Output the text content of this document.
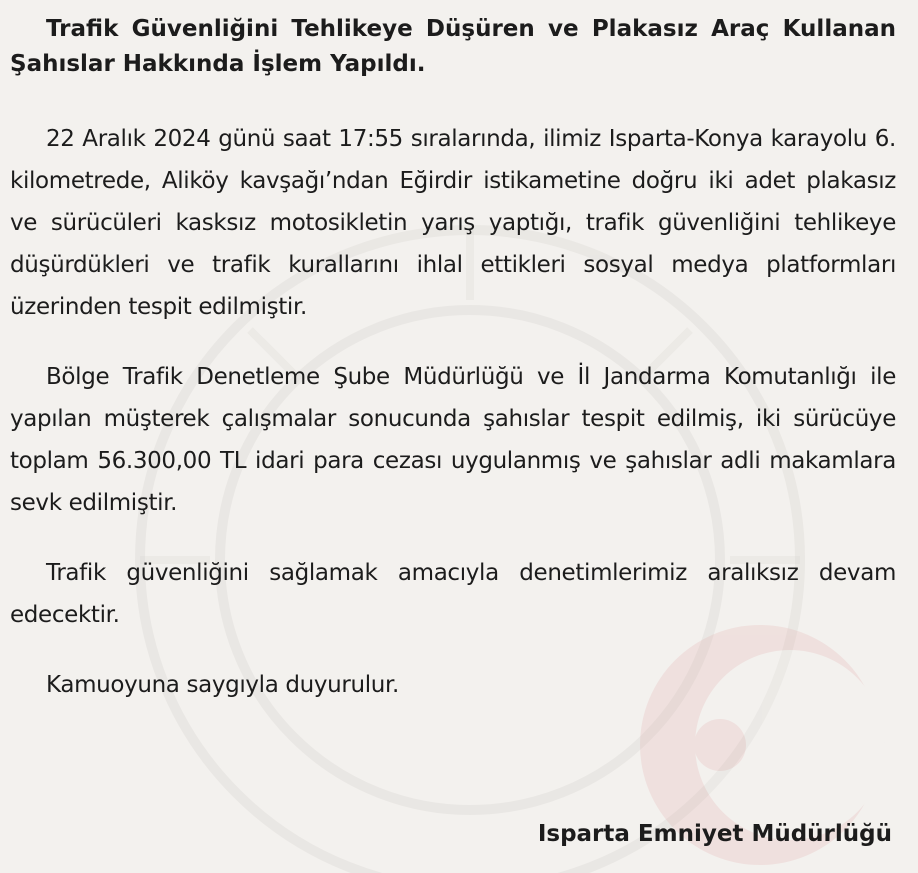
Trafik Güvenliğini Tehlikeye Düşüren ve Plakasız Araç Kullanan Şahıslar Hakkında İşlem Yapıldı.

22 Aralık 2024 günü saat 17:55 sıralarında, ilimiz Isparta-Konya karayolu 6. kilometrede, Aliköy kavşağı’ndan Eğirdir istikametine doğru iki adet plakasız ve sürücüleri kasksız motosikletin yarış yaptığı, trafik güvenliğini tehlikeye düşürdükleri ve trafik kurallarını ihlal ettikleri sosyal medya platformları üzerinden tespit edilmiştir.

Bölge Trafik Denetleme Şube Müdürlüğü ve İl Jandarma Komutanlığı ile yapılan müşterek çalışmalar sonucunda şahıslar tespit edilmiş, iki sürücüye toplam 56.300,00 TL idari para cezası uygulanmış ve şahıslar adli makamlara sevk edilmiştir.

Trafik güvenliğini sağlamak amacıyla denetimlerimiz aralıksız devam edecektir.

Kamuoyuna saygıyla duyurulur.

Isparta Emniyet Müdürlüğü
